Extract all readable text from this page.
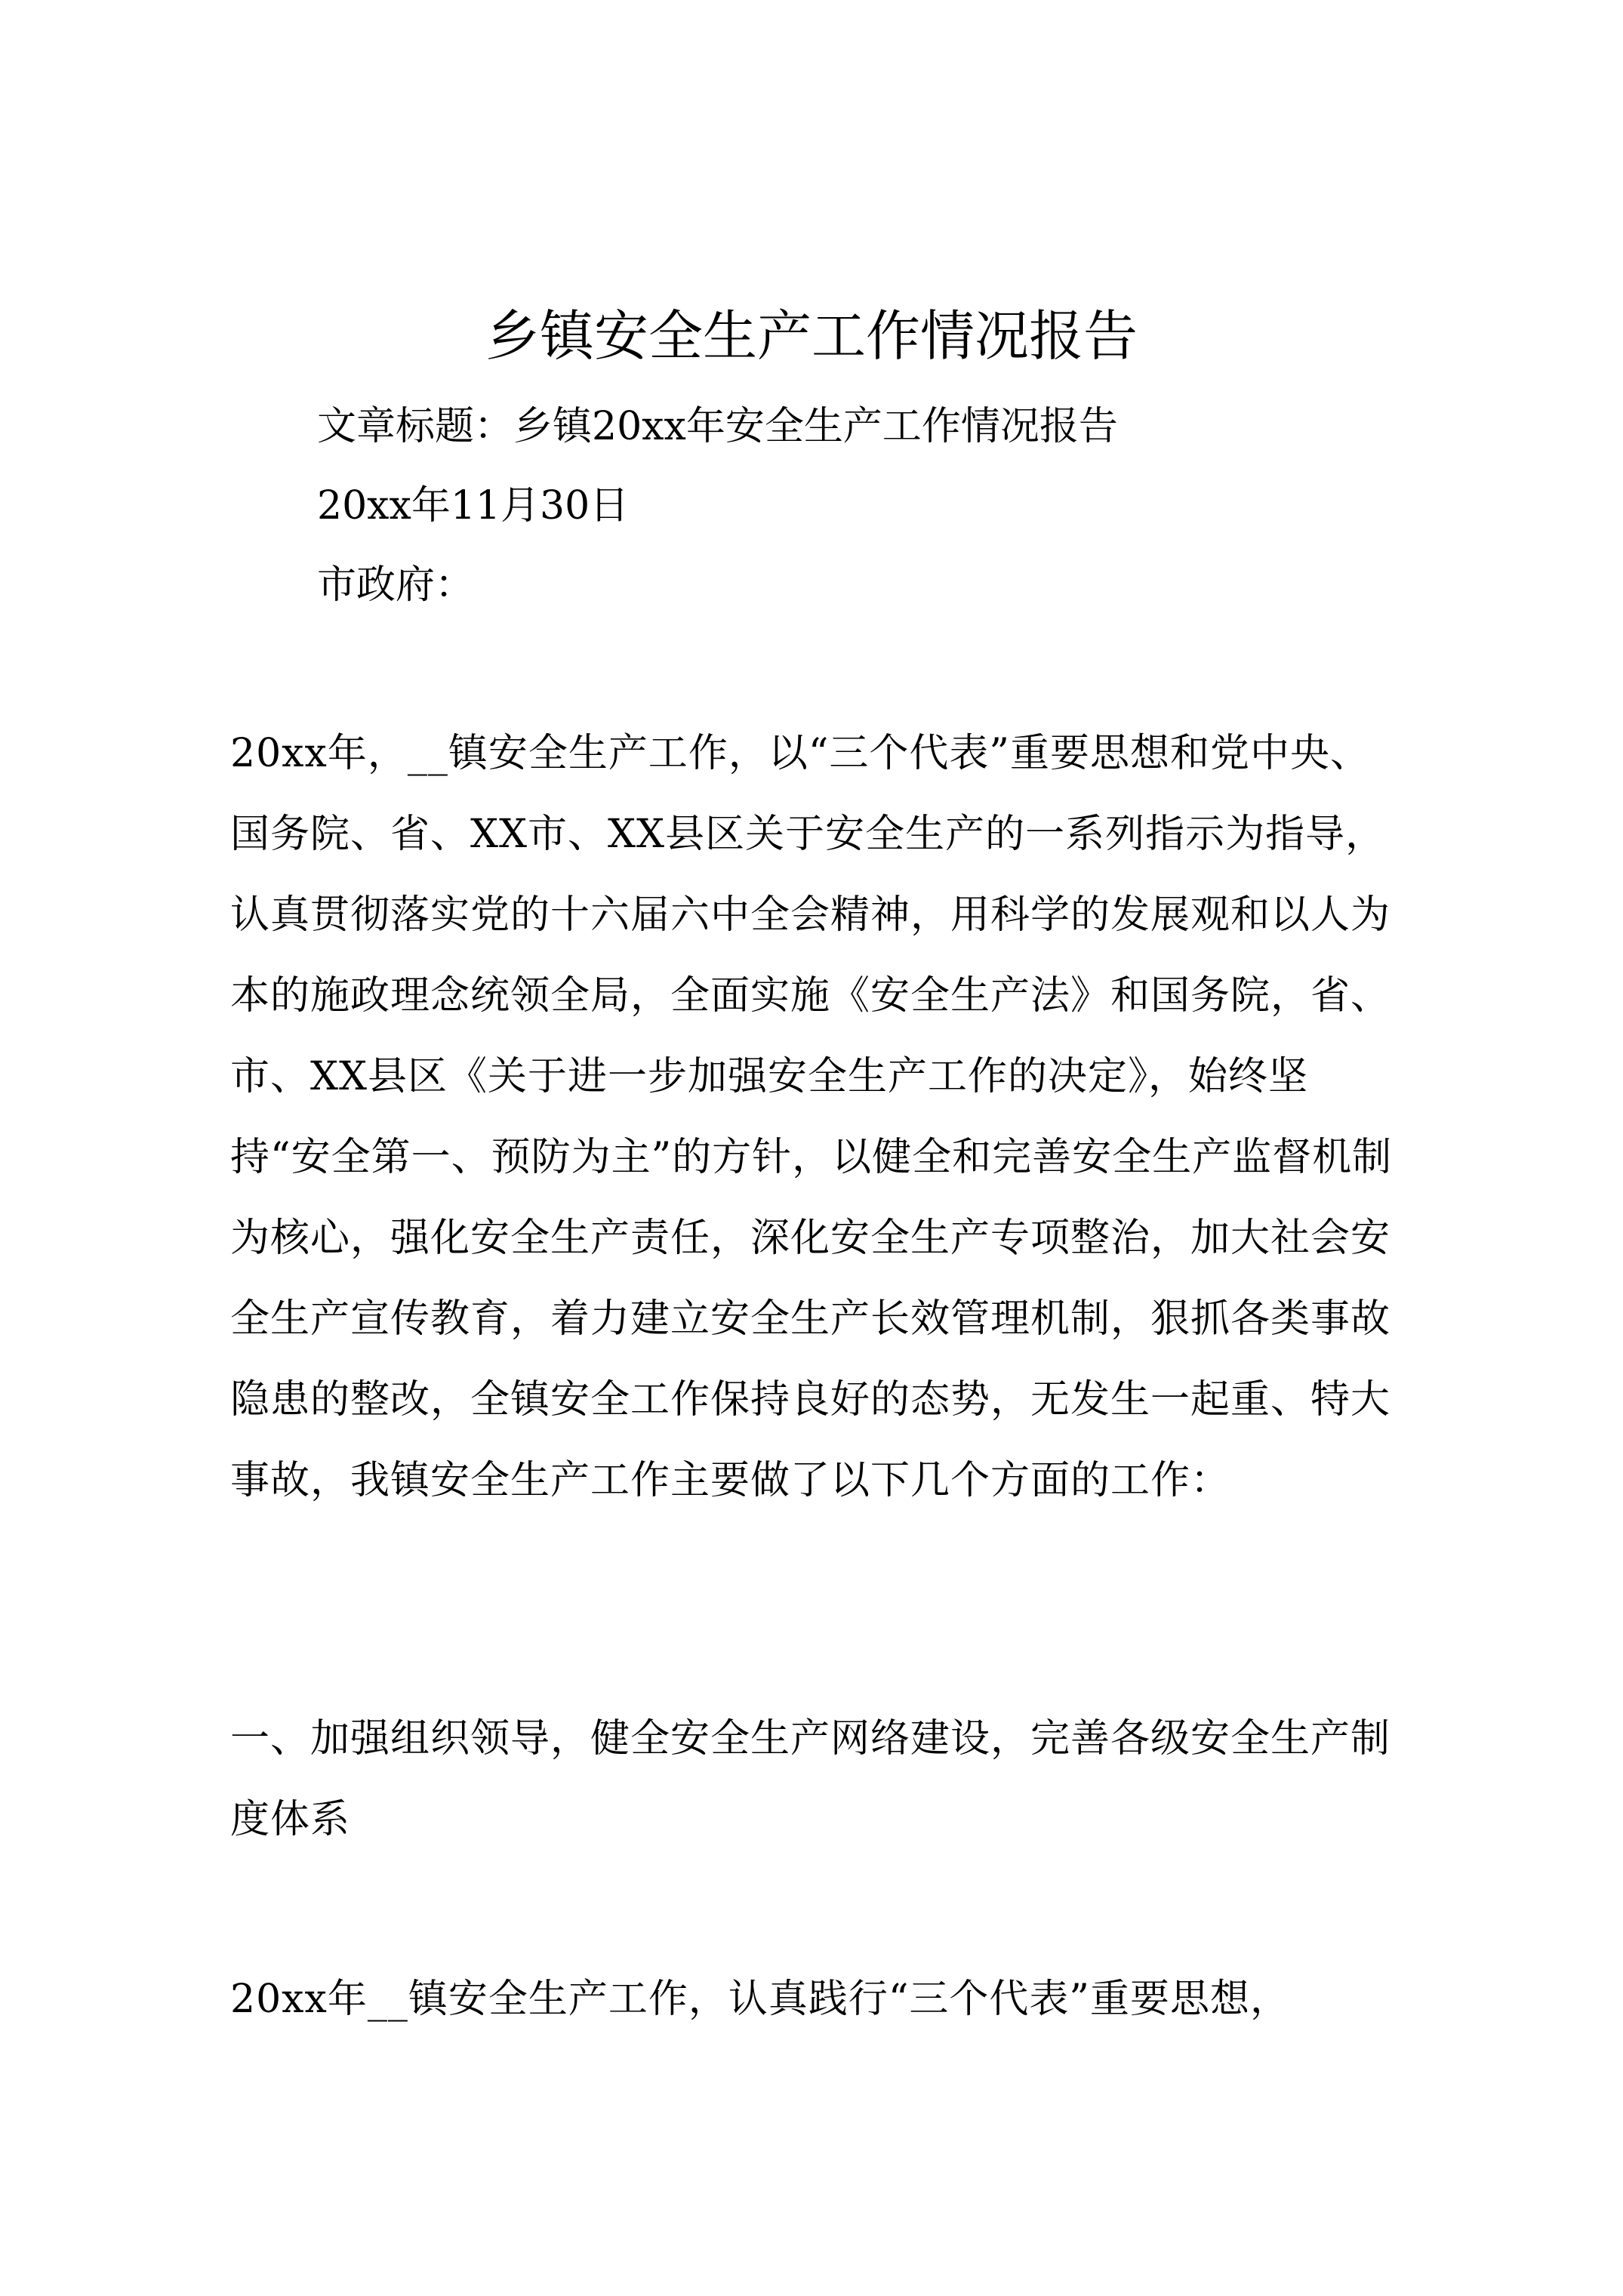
乡镇安全生产工作情况报告
文章标题：乡镇20xx年安全生产工作情况报告
20xx年11月30日
市政府：

20xx年，__镇安全生产工作，以“三个代表”重要思想和党中央、国务院、省、XX市、XX县区关于安全生产的一系列指示为指导，认真贯彻落实党的十六届六中全会精神，用科学的发展观和以人为本的施政理念统领全局，全面实施《安全生产法》和国务院，省、市、XX县区《关于进一步加强安全生产工作的决定》，始终坚持“安全第一、预防为主”的方针，以健全和完善安全生产监督机制为核心，强化安全生产责任，深化安全生产专项整治，加大社会安全生产宣传教育，着力建立安全生产长效管理机制，狠抓各类事故隐患的整改，全镇安全工作保持良好的态势，无发生一起重、特大事故，我镇安全生产工作主要做了以下几个方面的工作：

一、加强组织领导，健全安全生产网络建设，完善各级安全生产制度体系

20xx年__镇安全生产工作，认真践行“三个代表”重要思想，
